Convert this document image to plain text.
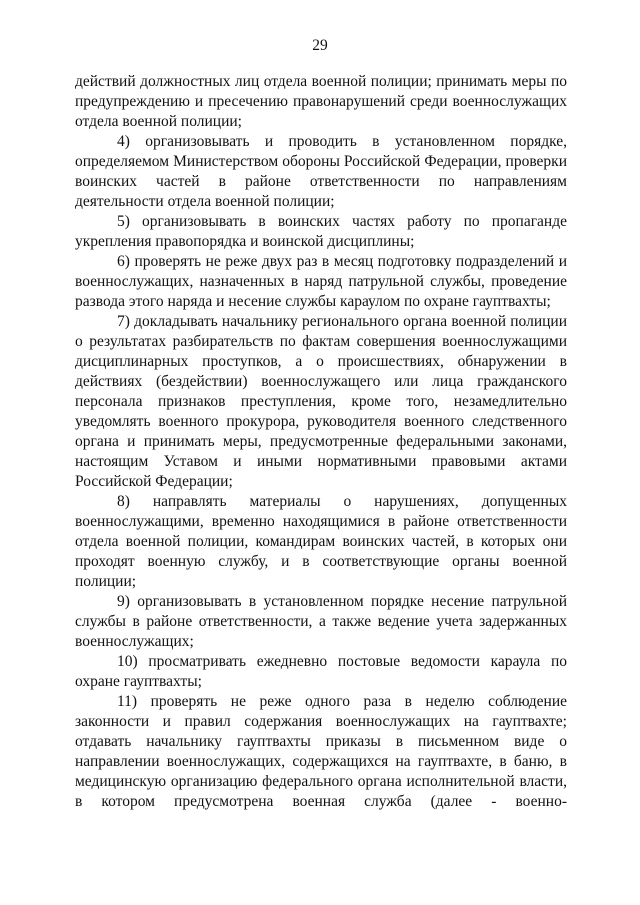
29

действий должностных лиц отдела военной полиции; принимать меры по предупреждению и пресечению правонарушений среди военнослужащих отдела военной полиции;

4) организовывать и проводить в установленном порядке, определяемом Министерством обороны Российской Федерации, проверки воинских частей в районе ответственности по направлениям деятельности отдела военной полиции;

5) организовывать в воинских частях работу по пропаганде укрепления правопорядка и воинской дисциплины;

6) проверять не реже двух раз в месяц подготовку подразделений и военнослужащих, назначенных в наряд патрульной службы, проведение развода этого наряда и несение службы караулом по охране гауптвахты;

7) докладывать начальнику регионального органа военной полиции о результатах разбирательств по фактам совершения военнослужащими дисциплинарных проступков, а о происшествиях, обнаружении в действиях (бездействии) военнослужащего или лица гражданского персонала признаков преступления, кроме того, незамедлительно уведомлять военного прокурора, руководителя военного следственного органа и принимать меры, предусмотренные федеральными законами, настоящим Уставом и иными нормативными правовыми актами Российской Федерации;

8) направлять материалы о нарушениях, допущенных военнослужащими, временно находящимися в районе ответственности отдела военной полиции, командирам воинских частей, в которых они проходят военную службу, и в соответствующие органы военной полиции;

9) организовывать в установленном порядке несение патрульной службы в районе ответственности, а также ведение учета задержанных военнослужащих;

10) просматривать ежедневно постовые ведомости караула по охране гауптвахты;

11) проверять не реже одного раза в неделю соблюдение законности и правил содержания военнослужащих на гауптвахте; отдавать начальнику гауптвахты приказы в письменном виде о направлении военнослужащих, содержащихся на гауптвахте, в баню, в медицинскую организацию федерального органа исполнительной власти, в котором предусмотрена военная служба (далее - военно-
